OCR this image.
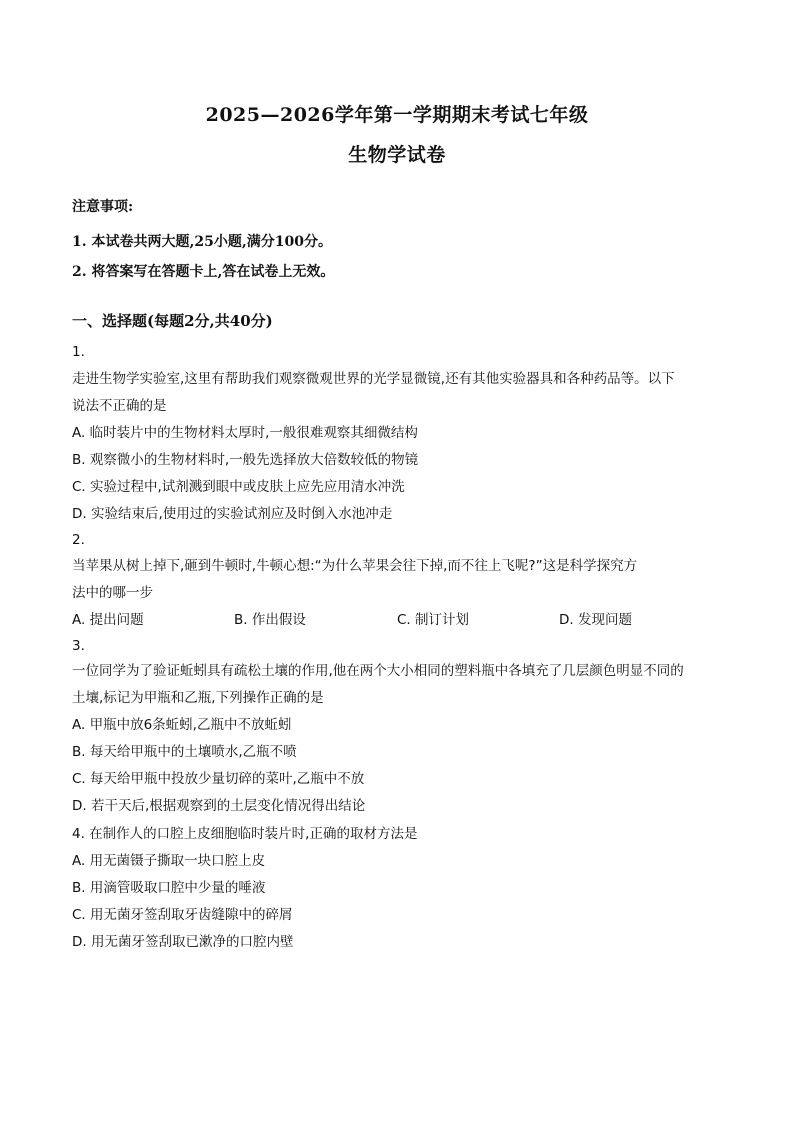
2025—2026学年第一学期期末考试七年级
生物学试卷
注意事项:
1. 本试卷共两大题,25小题,满分100分。
2. 将答案写在答题卡上,答在试卷上无效。
一、选择题(每题2分,共40分)
1.
走进生物学实验室,这里有帮助我们观察微观世界的光学显微镜,还有其他实验器具和各种药品等。以下
说法不正确的是
A. 临时装片中的生物材料太厚时,一般很难观察其细微结构
B. 观察微小的生物材料时,一般先选择放大倍数较低的物镜
C. 实验过程中,试剂溅到眼中或皮肤上应先应用清水冲洗
D. 实验结束后,使用过的实验试剂应及时倒入水池冲走
2.
当苹果从树上掉下,砸到牛顿时,牛顿心想:“为什么苹果会往下掉,而不往上飞呢?”这是科学探究方
法中的哪一步
A. 提出问题	B. 作出假设	C. 制订计划	D. 发现问题
3.
一位同学为了验证蚯蚓具有疏松土壤的作用,他在两个大小相同的塑料瓶中各填充了几层颜色明显不同的
土壤,标记为甲瓶和乙瓶,下列操作正确的是
A. 甲瓶中放6条蚯蚓,乙瓶中不放蚯蚓
B. 每天给甲瓶中的土壤喷水,乙瓶不喷
C. 每天给甲瓶中投放少量切碎的菜叶,乙瓶中不放
D. 若干天后,根据观察到的土层变化情况得出结论
4. 在制作人的口腔上皮细胞临时装片时,正确的取材方法是
A. 用无菌镊子撕取一块口腔上皮
B. 用滴管吸取口腔中少量的唾液
C. 用无菌牙签刮取牙齿缝隙中的碎屑
D. 用无菌牙签刮取已漱净的口腔内壁
